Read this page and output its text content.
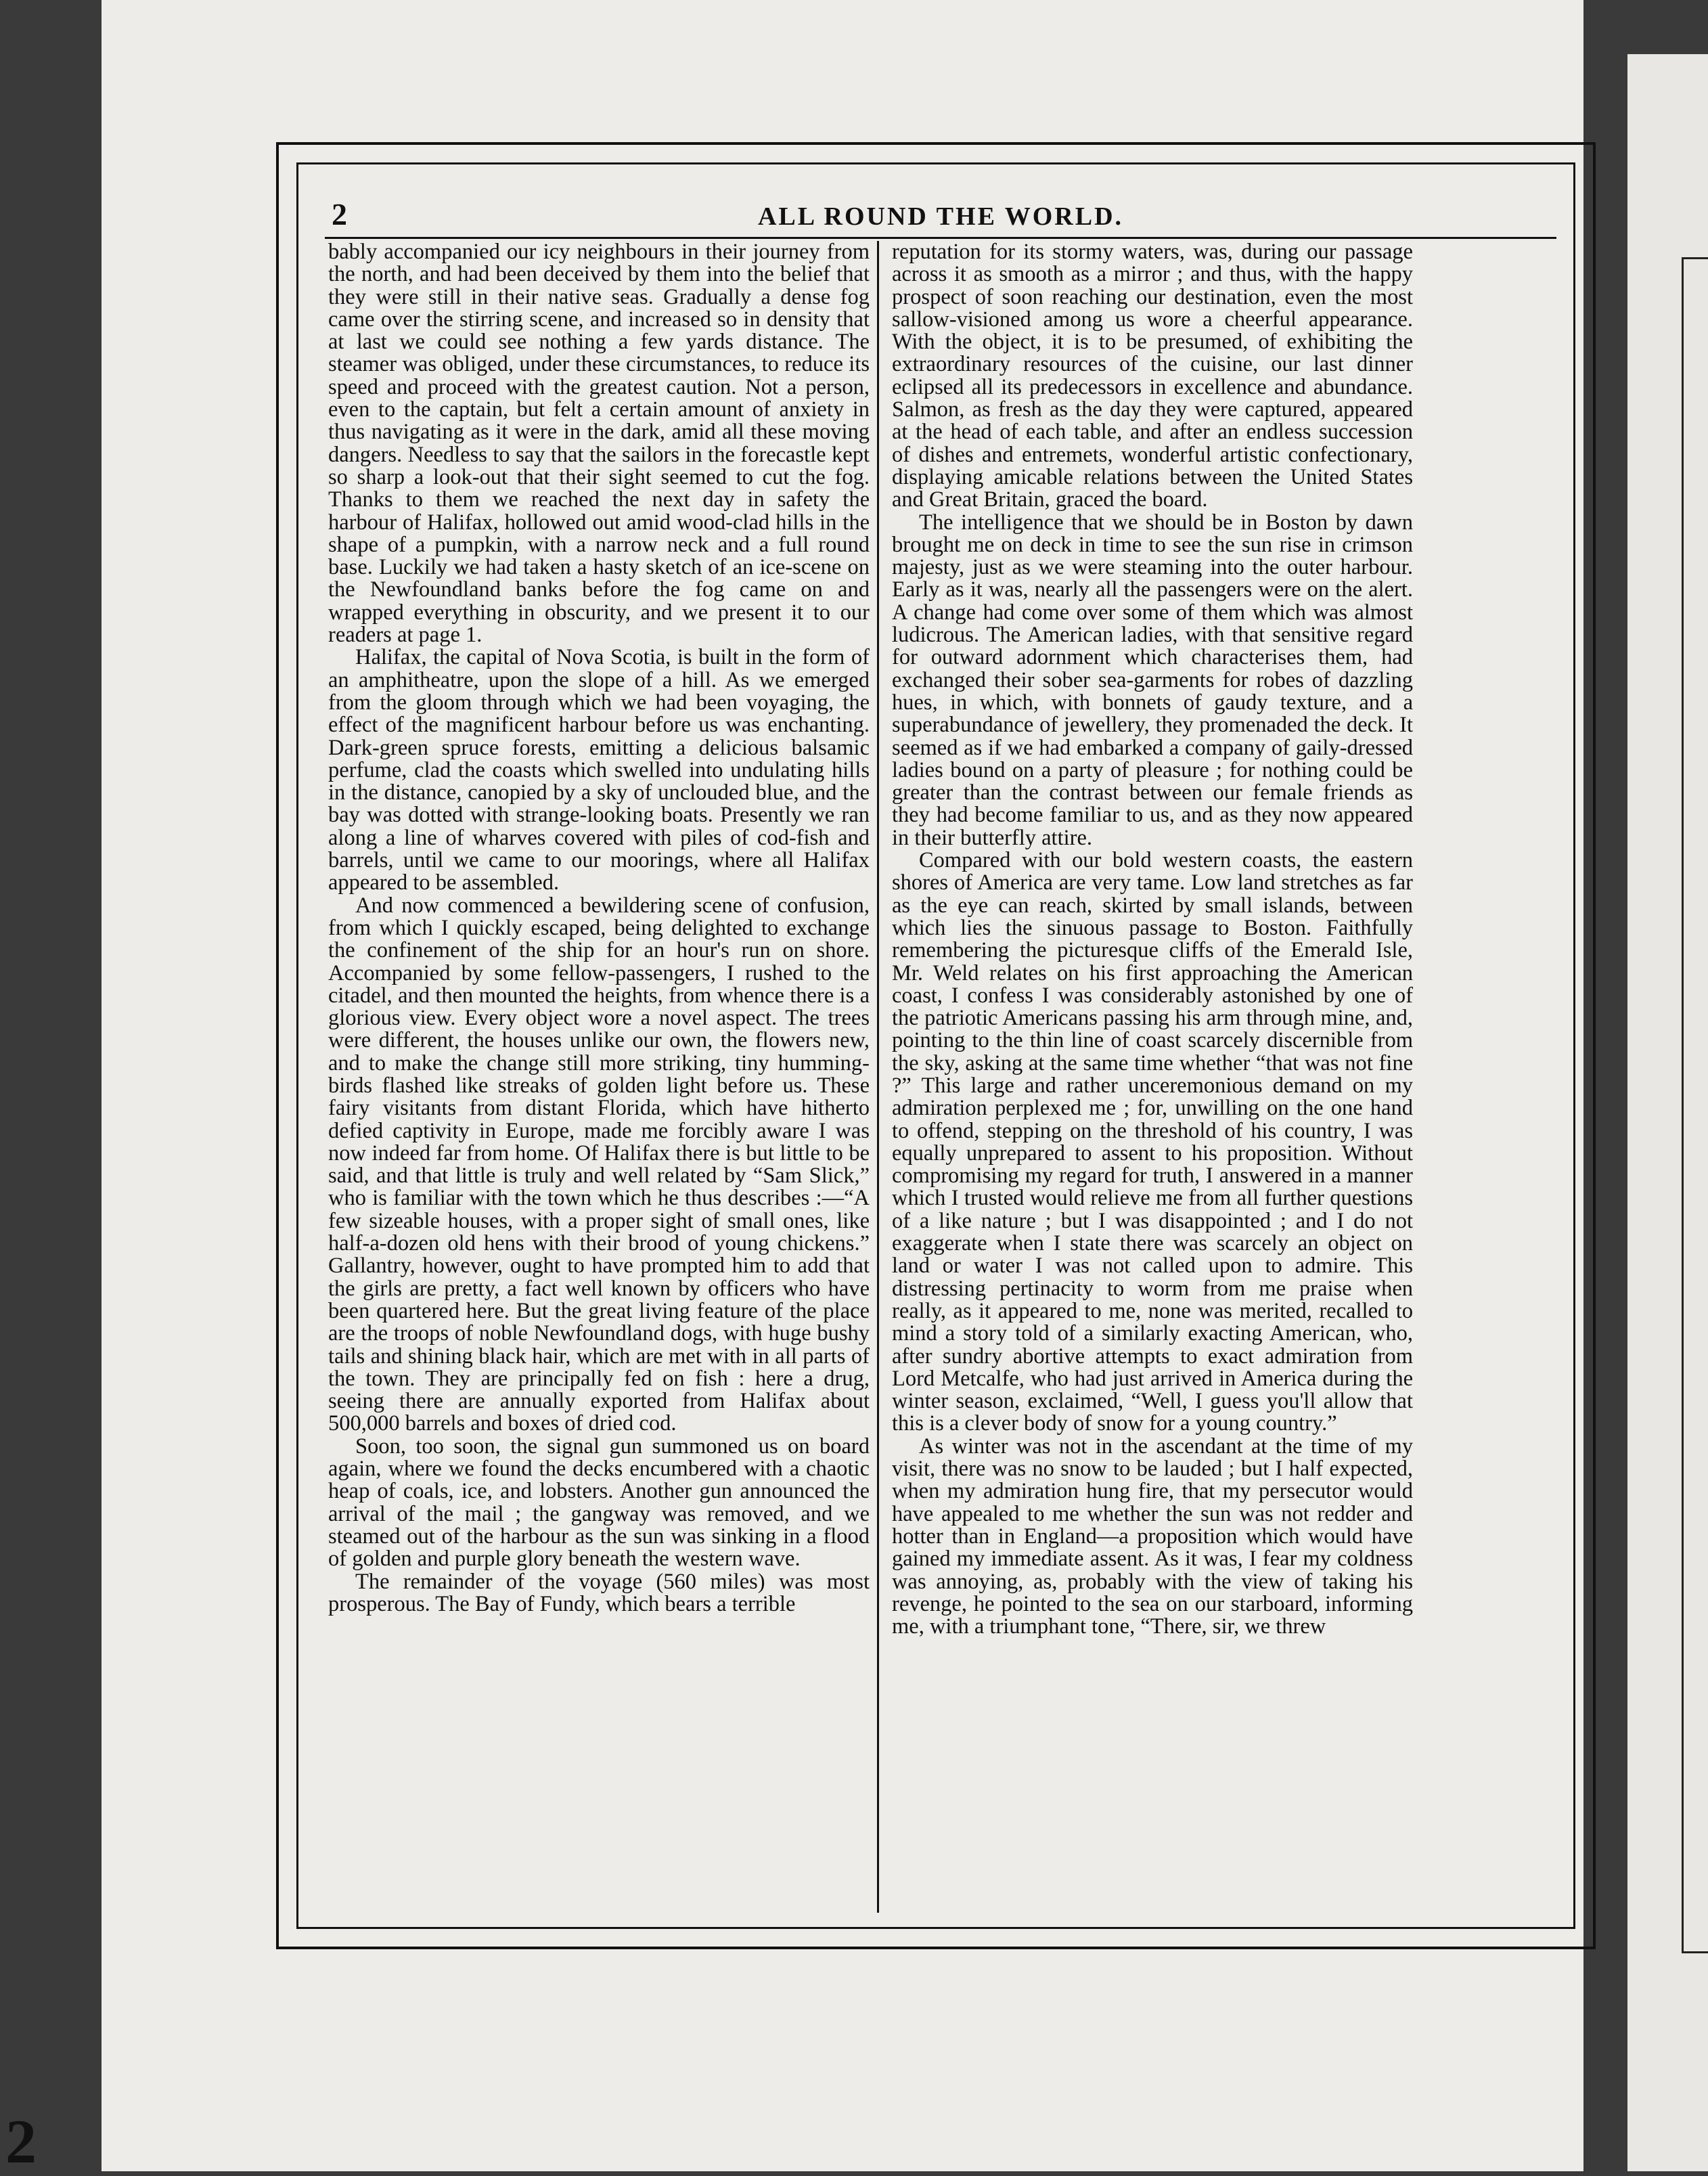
2
2	ALL ROUND THE WORLD.

bably accompanied our icy neighbours in their journey from the north, and had been deceived by them into the belief that they were still in their native seas. Gradually a dense fog came over the stirring scene, and increased so in density that at last we could see nothing a few yards distance. The steamer was obliged, under these circumstances, to reduce its speed and proceed with the greatest caution. Not a person, even to the captain, but felt a certain amount of anxiety in thus navigating as it were in the dark, amid all these moving dangers. Needless to say that the sailors in the forecastle kept so sharp a look-out that their sight seemed to cut the fog. Thanks to them we reached the next day in safety the harbour of Halifax, hollowed out amid wood-clad hills in the shape of a pumpkin, with a narrow neck and a full round base. Luckily we had taken a hasty sketch of an ice-scene on the Newfoundland banks before the fog came on and wrapped everything in obscurity, and we present it to our readers at page 1.

Halifax, the capital of Nova Scotia, is built in the form of an amphitheatre, upon the slope of a hill. As we emerged from the gloom through which we had been voyaging, the effect of the magnificent harbour before us was enchanting. Dark-green spruce forests, emitting a delicious balsamic perfume, clad the coasts which swelled into undulating hills in the distance, canopied by a sky of unclouded blue, and the bay was dotted with strange-looking boats. Presently we ran along a line of wharves covered with piles of cod-fish and barrels, until we came to our moorings, where all Halifax appeared to be assembled.

And now commenced a bewildering scene of confusion, from which I quickly escaped, being delighted to exchange the confinement of the ship for an hour's run on shore. Accompanied by some fellow-passengers, I rushed to the citadel, and then mounted the heights, from whence there is a glorious view. Every object wore a novel aspect. The trees were different, the houses unlike our own, the flowers new, and to make the change still more striking, tiny humming-birds flashed like streaks of golden light before us. These fairy visitants from distant Florida, which have hitherto defied captivity in Europe, made me forcibly aware I was now indeed far from home. Of Halifax there is but little to be said, and that little is truly and well related by “Sam Slick,” who is familiar with the town which he thus describes :—“A few sizeable houses, with a proper sight of small ones, like half-a-dozen old hens with their brood of young chickens.” Gallantry, however, ought to have prompted him to add that the girls are pretty, a fact well known by officers who have been quartered here. But the great living feature of the place are the troops of noble Newfoundland dogs, with huge bushy tails and shining black hair, which are met with in all parts of the town. They are principally fed on fish : here a drug, seeing there are annually exported from Halifax about 500,000 barrels and boxes of dried cod.

Soon, too soon, the signal gun summoned us on board again, where we found the decks encumbered with a chaotic heap of coals, ice, and lobsters. Another gun announced the arrival of the mail ; the gangway was removed, and we steamed out of the harbour as the sun was sinking in a flood of golden and purple glory beneath the western wave.

The remainder of the voyage (560 miles) was most prosperous. The Bay of Fundy, which bears a terrible

reputation for its stormy waters, was, during our passage across it as smooth as a mirror ; and thus, with the happy prospect of soon reaching our destination, even the most sallow-visioned among us wore a cheerful appearance. With the object, it is to be presumed, of exhibiting the extraordinary resources of the cuisine, our last dinner eclipsed all its predecessors in excellence and abundance. Salmon, as fresh as the day they were captured, appeared at the head of each table, and after an endless succession of dishes and entremets, wonderful artistic confectionary, displaying amicable relations between the United States and Great Britain, graced the board.

The intelligence that we should be in Boston by dawn brought me on deck in time to see the sun rise in crimson majesty, just as we were steaming into the outer harbour. Early as it was, nearly all the passengers were on the alert. A change had come over some of them which was almost ludicrous. The American ladies, with that sensitive regard for outward adornment which characterises them, had exchanged their sober sea-garments for robes of dazzling hues, in which, with bonnets of gaudy texture, and a superabundance of jewellery, they promenaded the deck. It seemed as if we had embarked a company of gaily-dressed ladies bound on a party of pleasure ; for nothing could be greater than the contrast between our female friends as they had become familiar to us, and as they now appeared in their butterfly attire.

Compared with our bold western coasts, the eastern shores of America are very tame. Low land stretches as far as the eye can reach, skirted by small islands, between which lies the sinuous passage to Boston. Faithfully remembering the picturesque cliffs of the Emerald Isle, Mr. Weld relates on his first approaching the American coast, I confess I was considerably astonished by one of the patriotic Americans passing his arm through mine, and, pointing to the thin line of coast scarcely discernible from the sky, asking at the same time whether “that was not fine ?” This large and rather unceremonious demand on my admiration perplexed me ; for, unwilling on the one hand to offend, stepping on the threshold of his country, I was equally unprepared to assent to his proposition. Without compromising my regard for truth, I answered in a manner which I trusted would relieve me from all further questions of a like nature ; but I was disappointed ; and I do not exaggerate when I state there was scarcely an object on land or water I was not called upon to admire. This distressing pertinacity to worm from me praise when really, as it appeared to me, none was merited, recalled to mind a story told of a similarly exacting American, who, after sundry abortive attempts to exact admiration from Lord Metcalfe, who had just arrived in America during the winter season, exclaimed, “Well, I guess you'll allow that this is a clever body of snow for a young country.”

As winter was not in the ascendant at the time of my visit, there was no snow to be lauded ; but I half expected, when my admiration hung fire, that my persecutor would have appealed to me whether the sun was not redder and hotter than in England—a proposition which would have gained my immediate assent. As it was, I fear my coldness was annoying, as, probably with the view of taking his revenge, he pointed to the sea on our starboard, informing me, with a triumphant tone, “There, sir, we threw
